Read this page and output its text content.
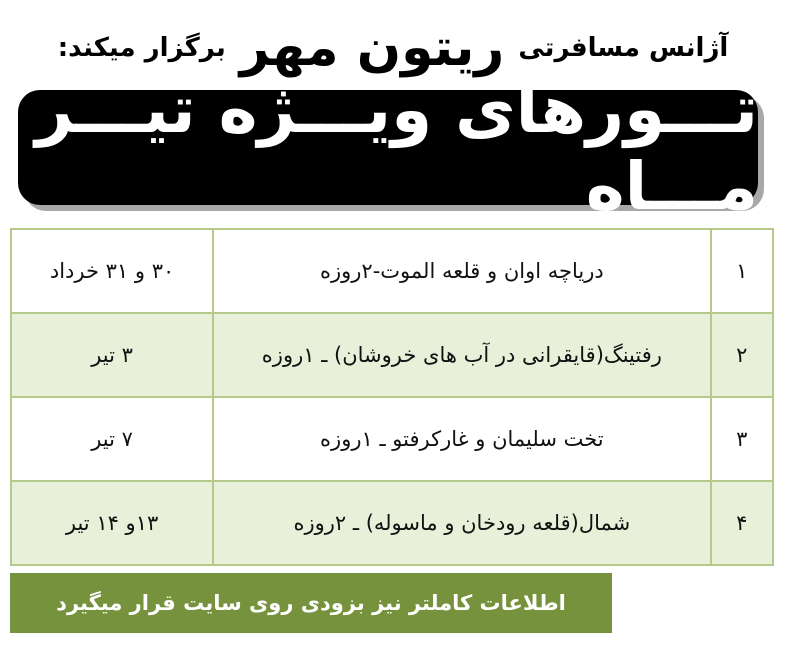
آژانس مسافرتی
ریتون مهر
برگزار میکند:
تـــورهای ویـــژه تیـــر مـــاه
۱	دریاچه اوان و قلعه الموت-۲روزه	۳۰ و ۳۱ خرداد
۲	رفتینگ(قایقرانی در آب های خروشان) ـ ۱روزه	۳ تیر
۳	تخت سلیمان و غارکرفتو ـ ۱روزه	۷ تیر
۴	شمال(قلعه رودخان و ماسوله) ـ ۲روزه	۱۳و ۱۴ تیر
اطلاعات کاملتر نیز بزودی روی سایت قرار میگیرد
